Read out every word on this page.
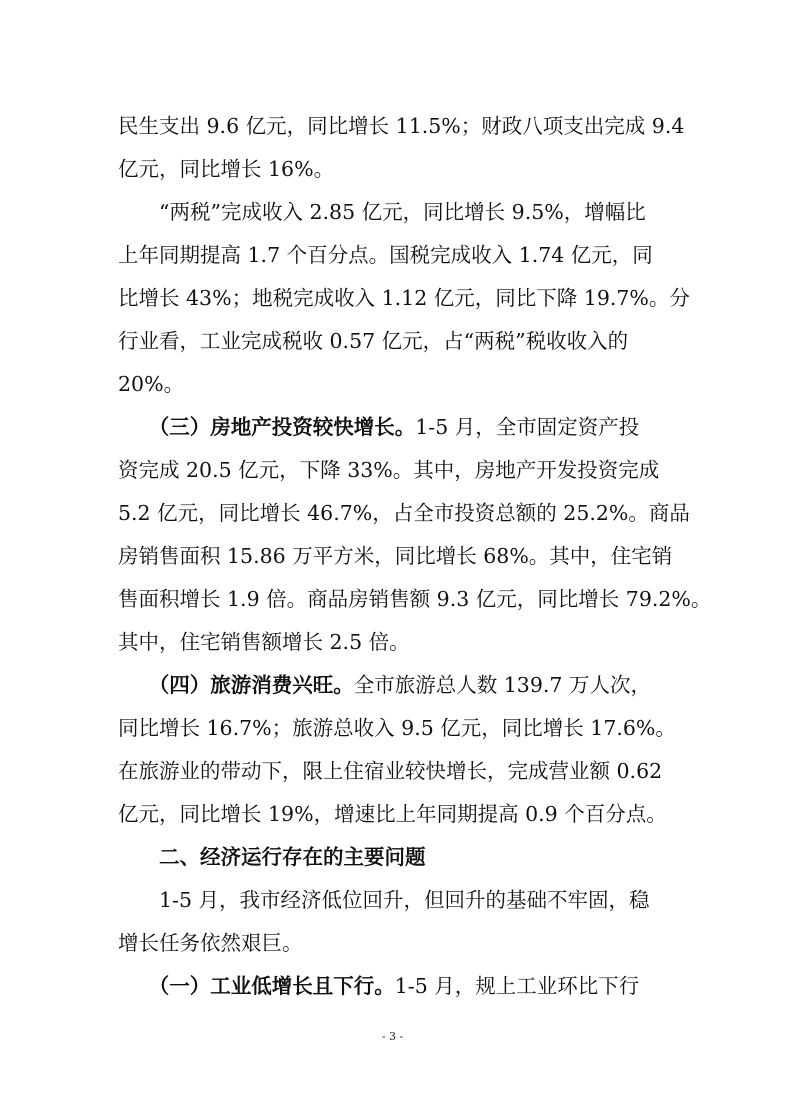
民生支出 9.6 亿元，同比增长 11.5%；财政八项支出完成 9.4
亿元，同比增长 16%。
　　“两税”完成收入 2.85 亿元，同比增长 9.5%，增幅比
上年同期提高 1.7 个百分点。国税完成收入 1.74 亿元，同
比增长 43%；地税完成收入 1.12 亿元，同比下降 19.7%。分
行业看，工业完成税收 0.57 亿元，占“两税”税收收入的
20%。
　　（三）房地产投资较快增长。1-5 月，全市固定资产投
资完成 20.5 亿元，下降 33%。其中，房地产开发投资完成
5.2 亿元，同比增长 46.7%，占全市投资总额的 25.2%。商品
房销售面积 15.86 万平方米，同比增长 68%。其中，住宅销
售面积增长 1.9 倍。商品房销售额 9.3 亿元，同比增长 79.2%。
其中，住宅销售额增长 2.5 倍。
　　（四）旅游消费兴旺。全市旅游总人数 139.7 万人次，
同比增长 16.7%；旅游总收入 9.5 亿元，同比增长 17.6%。
在旅游业的带动下，限上住宿业较快增长，完成营业额 0.62
亿元，同比增长 19%，增速比上年同期提高 0.9 个百分点。
　　二、经济运行存在的主要问题
　　1-5 月，我市经济低位回升，但回升的基础不牢固，稳
增长任务依然艰巨。
　　（一）工业低增长且下行。1-5 月，规上工业环比下行
- 3 -
